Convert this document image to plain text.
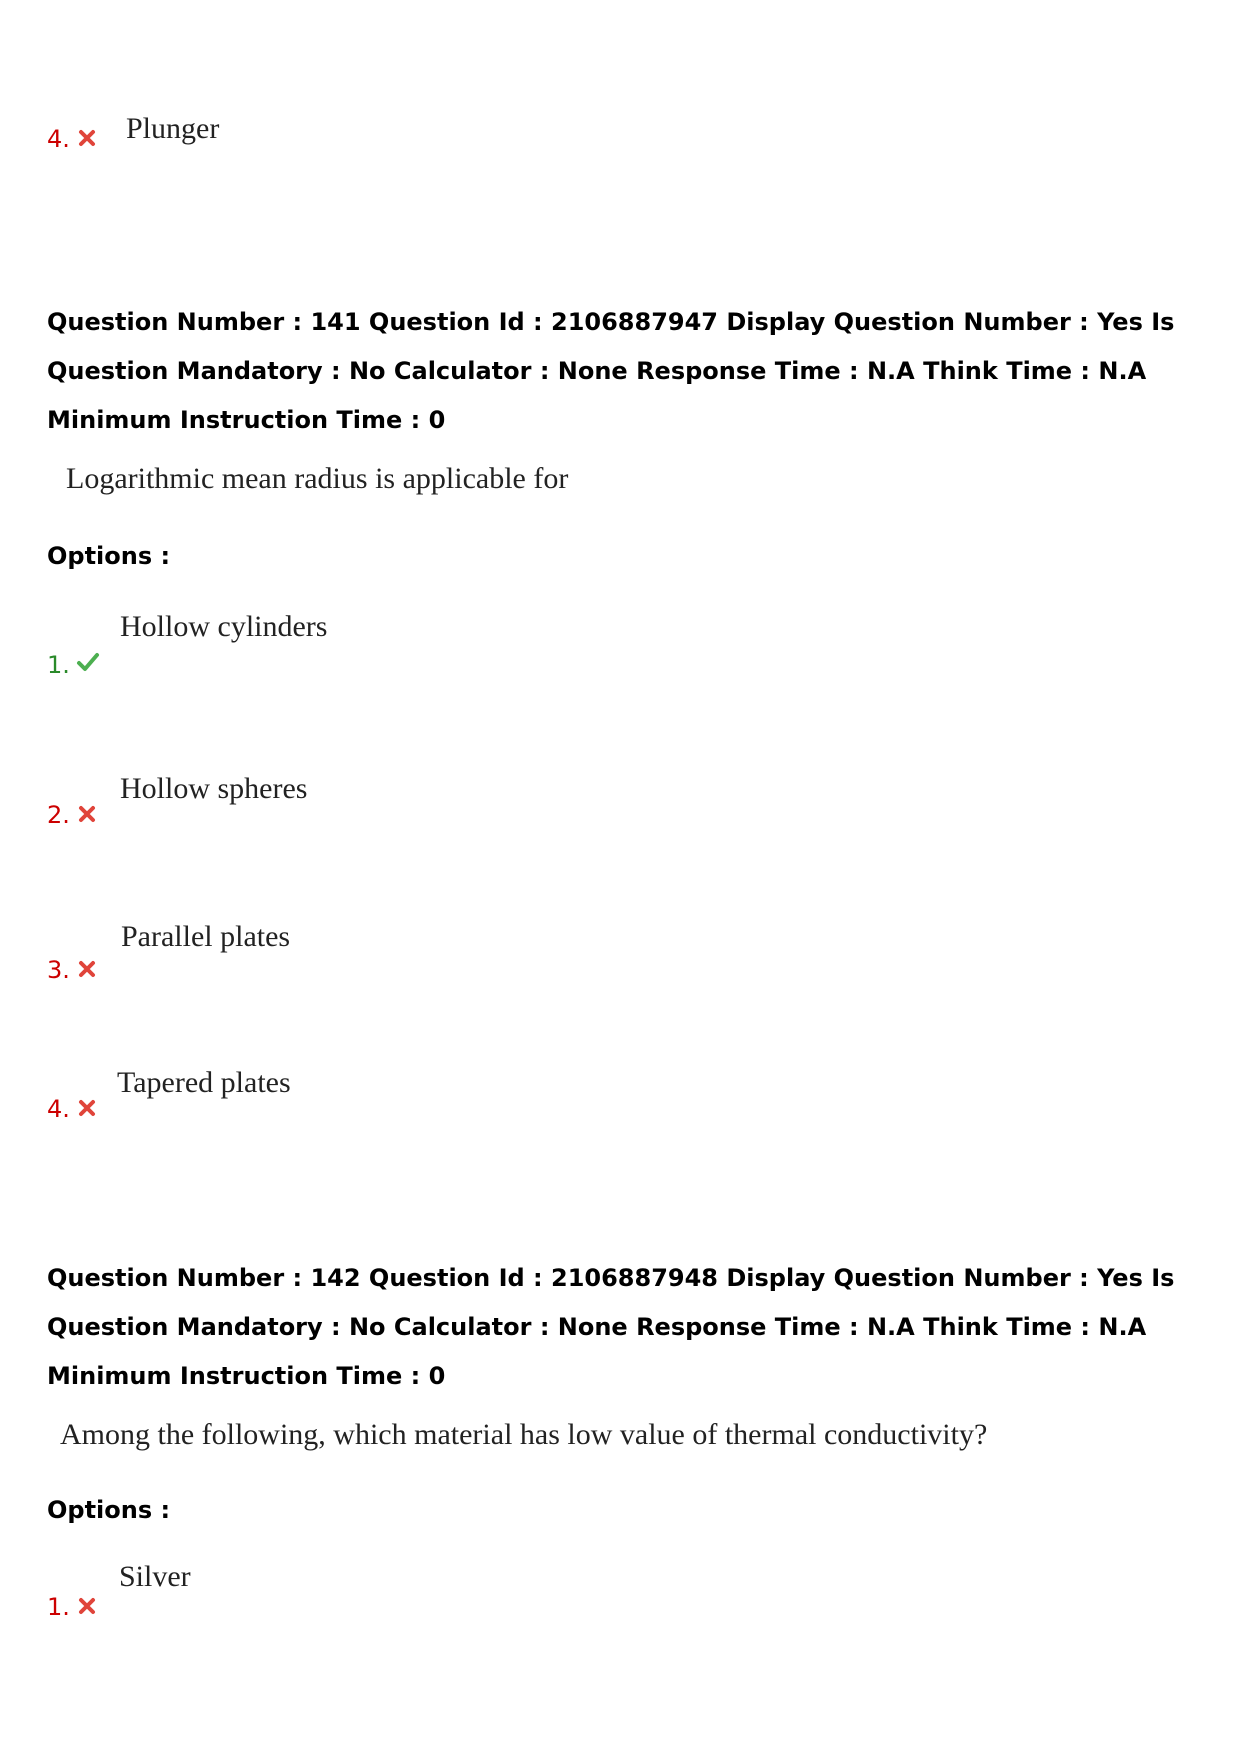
4. Plunger
Question Number : 141 Question Id : 2106887947 Display Question Number : Yes Is Question Mandatory : No Calculator : None Response Time : N.A Think Time : N.A Minimum Instruction Time : 0
Logarithmic mean radius is applicable for
Options :
1.
Hollow cylinders
2.
Hollow spheres
3.
Parallel plates
4.
Tapered plates
Question Number : 142 Question Id : 2106887948 Display Question Number : Yes Is Question Mandatory : No Calculator : None Response Time : N.A Think Time : N.A Minimum Instruction Time : 0
Among the following, which material has low value of thermal conductivity?
Options :
1.
Silver
